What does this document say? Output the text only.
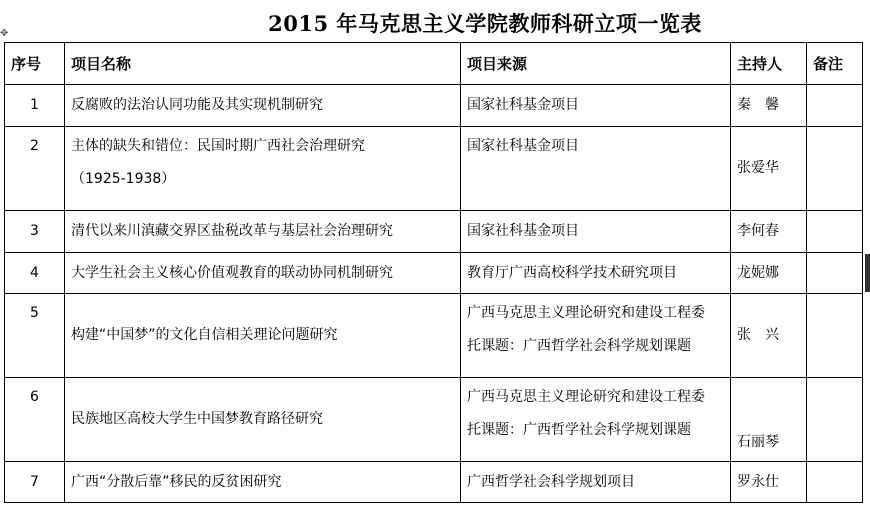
2015 年马克思主义学院教师科研立项一览表
✥
序号	项目名称	项目来源	主持人	备注
1	反腐败的法治认同功能及其实现机制研究	国家社科基金项目	秦　馨	
2	主体的缺失和错位：民国时期广西社会治理研究
（1925-1938）	国家社科基金项目	张爱华	
3	清代以来川滇藏交界区盐税改革与基层社会治理研究	国家社科基金项目	李何春	
4	大学生社会主义核心价值观教育的联动协同机制研究	教育厅广西高校科学技术研究项目	龙妮娜	
5	构建“中国梦”的文化自信相关理论问题研究	广西马克思主义理论研究和建设工程委
托课题：广西哲学社会科学规划课题	张　兴	
6	民族地区高校大学生中国梦教育路径研究	广西马克思主义理论研究和建设工程委
托课题：广西哲学社会科学规划课题	石丽琴	
7	广西“分散后靠”移民的反贫困研究	广西哲学社会科学规划项目	罗永仕	
